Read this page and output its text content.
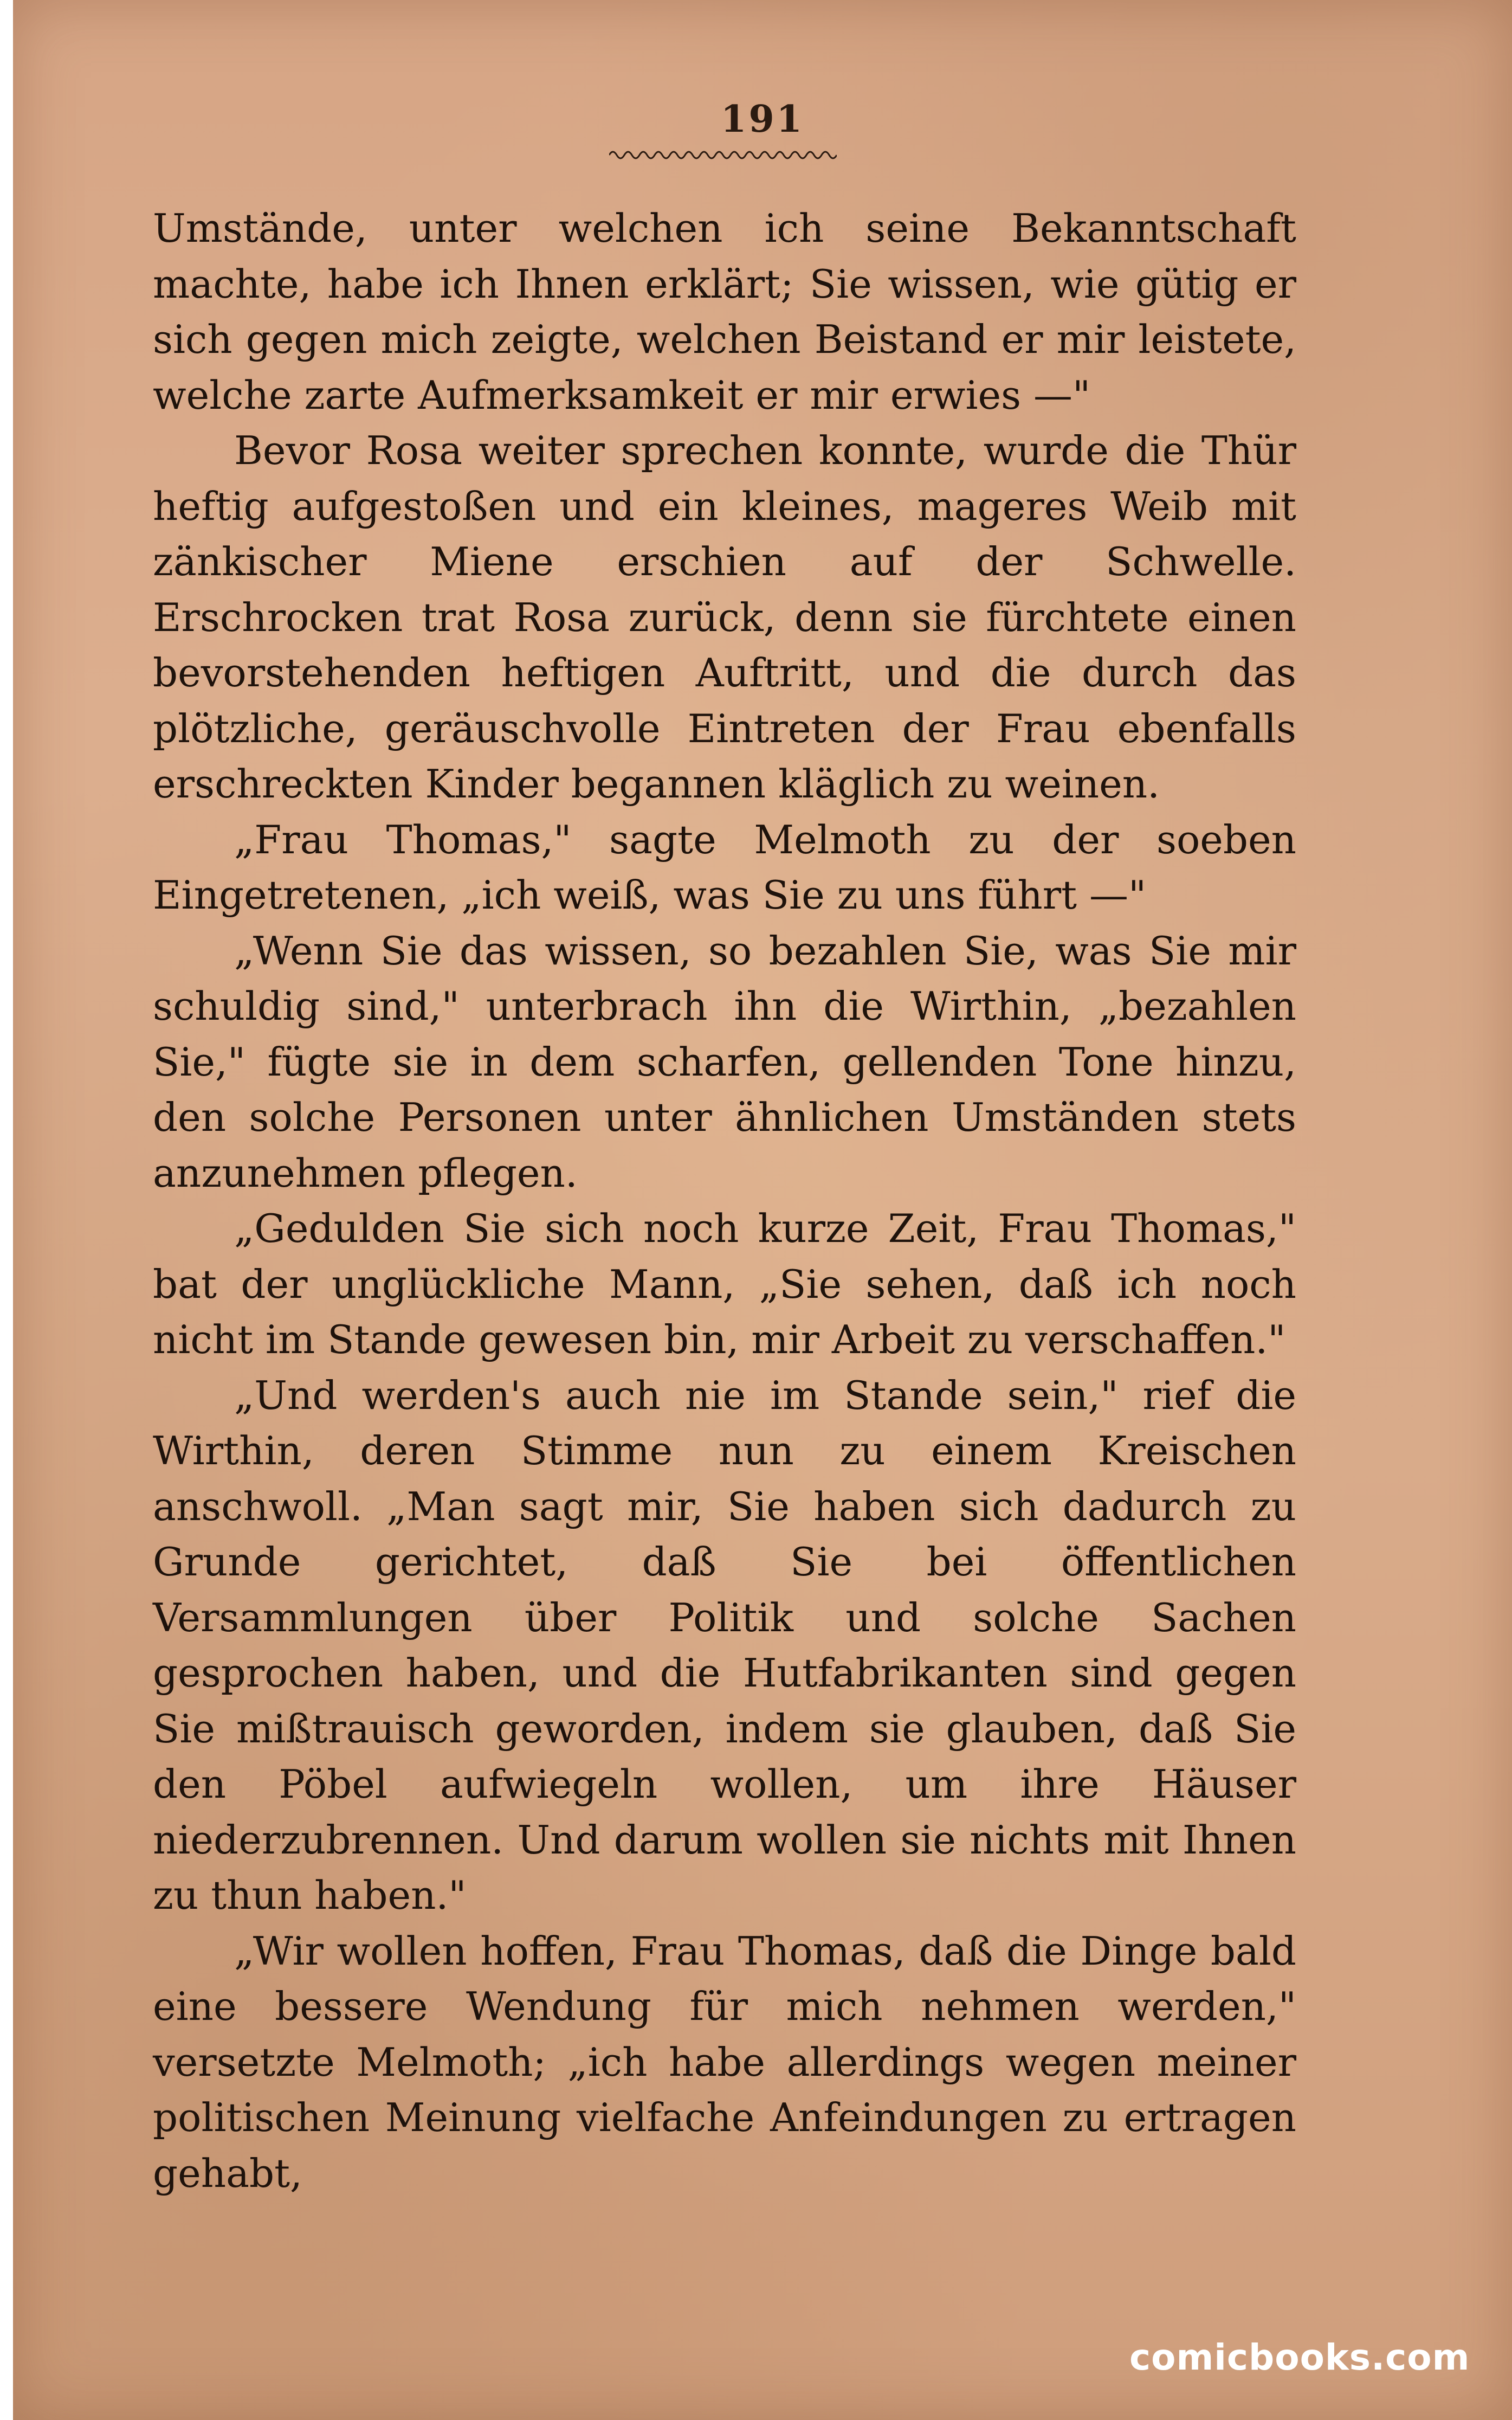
191

Umstände, unter welchen ich seine Bekanntschaft machte, habe ich Ihnen erklärt; Sie wissen, wie gütig er sich gegen mich zeigte, welchen Beistand er mir leistete, welche zarte Aufmerksamkeit er mir erwies —"

Bevor Rosa weiter sprechen konnte, wurde die Thür heftig aufgestoßen und ein kleines, mageres Weib mit zänkischer Miene erschien auf der Schwelle. Erschrocken trat Rosa zurück, denn sie fürchtete einen bevorstehenden heftigen Auftritt, und die durch das plötzliche, geräuschvolle Eintreten der Frau ebenfalls erschreckten Kinder begannen kläglich zu weinen.

„Frau Thomas," sagte Melmoth zu der soeben Eingetretenen, „ich weiß, was Sie zu uns führt —"

„Wenn Sie das wissen, so bezahlen Sie, was Sie mir schuldig sind," unterbrach ihn die Wirthin, „bezahlen Sie," fügte sie in dem scharfen, gellenden Tone hinzu, den solche Personen unter ähnlichen Umständen stets anzunehmen pflegen.

„Gedulden Sie sich noch kurze Zeit, Frau Thomas," bat der unglückliche Mann, „Sie sehen, daß ich noch nicht im Stande gewesen bin, mir Arbeit zu verschaffen."

„Und werden's auch nie im Stande sein," rief die Wirthin, deren Stimme nun zu einem Kreischen anschwoll. „Man sagt mir, Sie haben sich dadurch zu Grunde gerichtet, daß Sie bei öffentlichen Versammlungen über Politik und solche Sachen gesprochen haben, und die Hutfabrikanten sind gegen Sie mißtrauisch geworden, indem sie glauben, daß Sie den Pöbel aufwiegeln wollen, um ihre Häuser niederzubrennen. Und darum wollen sie nichts mit Ihnen zu thun haben."

„Wir wollen hoffen, Frau Thomas, daß die Dinge bald eine bessere Wendung für mich nehmen werden," versetzte Melmoth; „ich habe allerdings wegen meiner politischen Meinung vielfache Anfeindungen zu ertragen gehabt,

comicbooks.com
